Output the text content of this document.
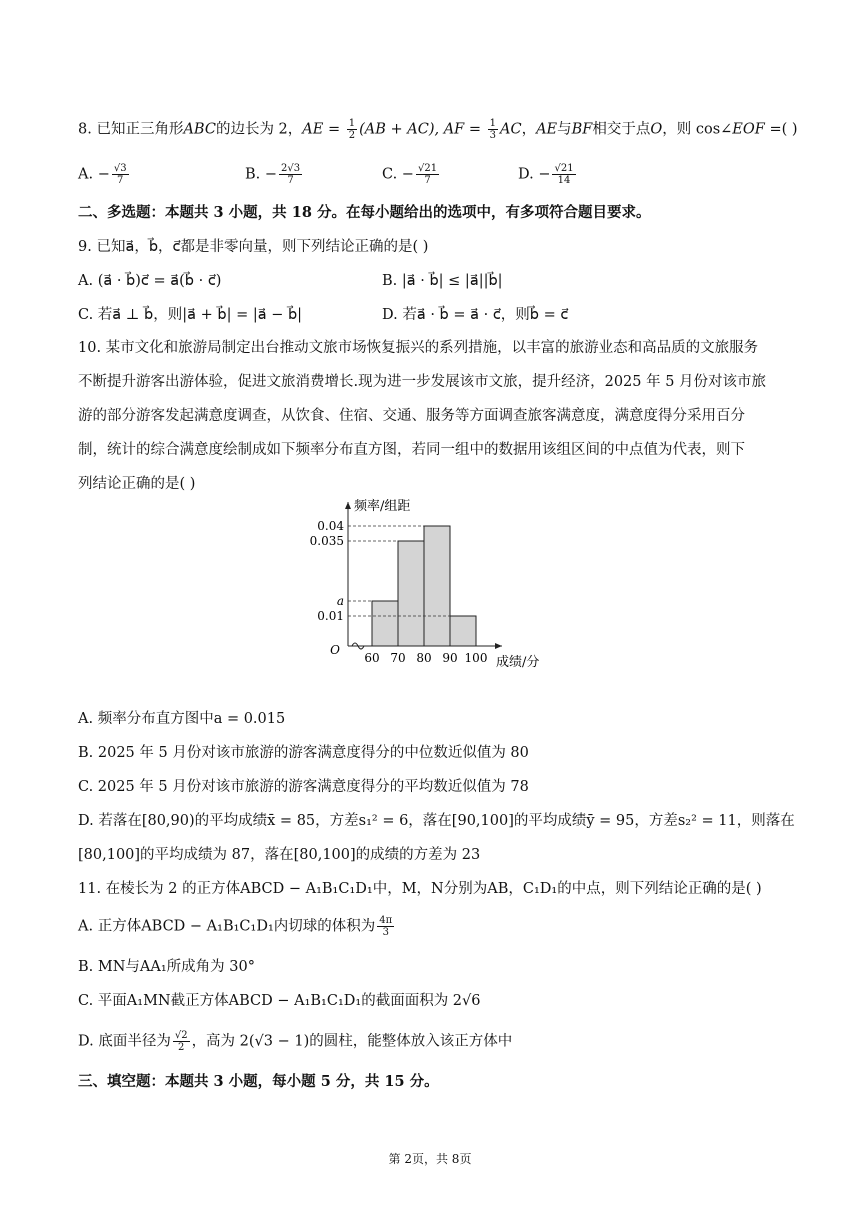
8. 已知正三角形ABC的边长为 2，AE = $\frac{1}{2} (AB + AC)$, AF = $\frac{1}{3}$ AC，AE与BF相交于点O，则 cos∠EOF =( )
A. − $\frac{√3}{7}$	B. − $\frac{2√3}{7}$	C. − $\frac{√21}{7}$	D. − $\frac{√21}{14}$
二、多选题：本题共 3 小题，共 18 分。在每小题给出的选项中，有多项符合题目要求。
9. 已知a⃗，b⃗，c⃗都是非零向量，则下列结论正确的是( )
A. (a⃗ · b⃗)c⃗ = a⃗(b⃗ · c⃗)	B. |a⃗ · b⃗| ≤ |a⃗||b⃗|
C. 若a⃗ ⊥ b⃗，则|a⃗ + b⃗| = |a⃗ − b⃗|	D. 若a⃗ · b⃗ = a⃗ · c⃗，则b⃗ = c⃗
10. 某市文化和旅游局制定出台推动文旅市场恢复振兴的系列措施，以丰富的旅游业态和高品质的文旅服务
不断提升游客出游体验，促进文旅消费增长.现为进一步发展该市文旅，提升经济，2025 年 5 月份对该市旅
游的部分游客发起满意度调查，从饮食、住宿、交通、服务等方面调查旅客满意度，满意度得分采用百分
制，统计的综合满意度绘制成如下频率分布直方图，若同一组中的数据用该组区间的中点值为代表，则下
列结论正确的是( )
0.04
0.035
a
0.01
60 70 80 90 100
O
频率/组距
成绩/分
A. 频率分布直方图中a = 0.015
B. 2025 年 5 月份对该市旅游的游客满意度得分的中位数近似值为 80
C. 2025 年 5 月份对该市旅游的游客满意度得分的平均数近似值为 78
D. 若落在[80,90)的平均成绩x̄ = 85，方差s₁² = 6，落在[90,100]的平均成绩ȳ = 95，方差s₂² = 11，则落在
[80,100]的平均成绩为 87，落在[80,100]的成绩的方差为 23
11. 在棱长为 2 的正方体ABCD − A₁B₁C₁D₁中，M，N分别为AB，C₁D₁的中点，则下列结论正确的是( )
A. 正方体ABCD − A₁B₁C₁D₁内切球的体积为 $\frac{4\pi}{3}$
B. MN与AA₁所成角为 30°
C. 平面A₁MN截正方体ABCD − A₁B₁C₁D₁的截面面积为 2√6
D. 底面半径为 $\frac{√2}{2}$ ，高为 2(√3 − 1)的圆柱，能整体放入该正方体中
三、填空题：本题共 3 小题，每小题 5 分，共 15 分。
第 2页，共 8页
